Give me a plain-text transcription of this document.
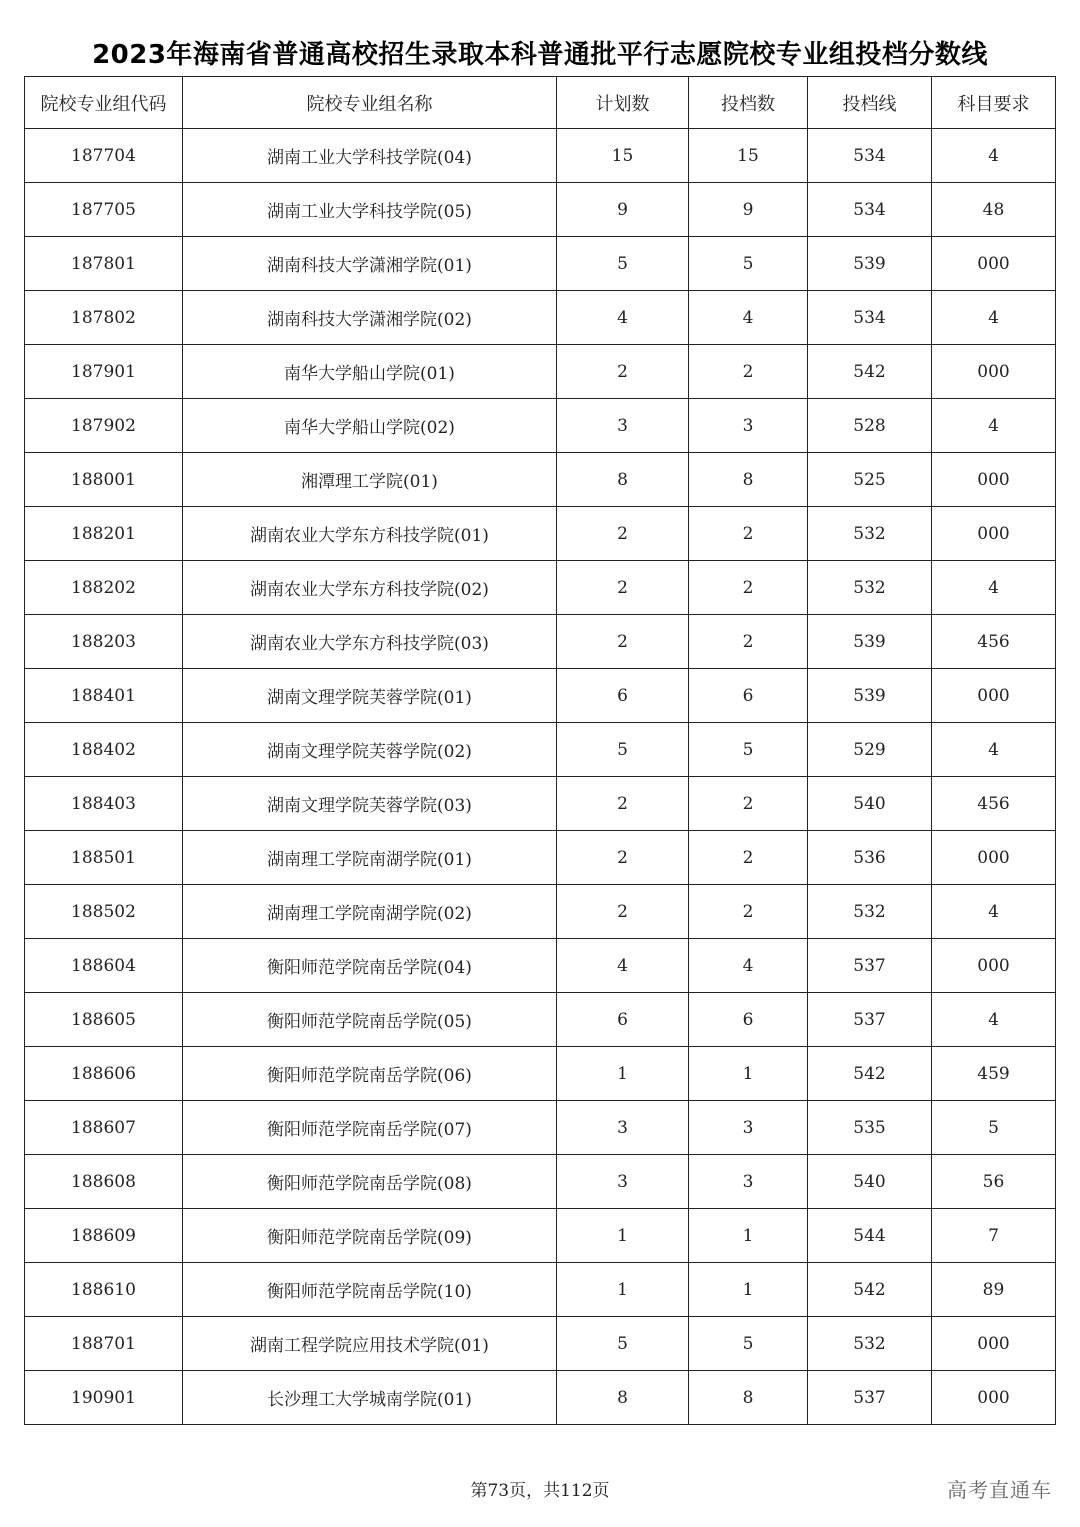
2023年海南省普通高校招生录取本科普通批平行志愿院校专业组投档分数线
院校专业组代码	院校专业组名称	计划数	投档数	投档线	科目要求
187704	湖南工业大学科技学院(04)	15	15	534	4
187705	湖南工业大学科技学院(05)	9	9	534	48
187801	湖南科技大学潇湘学院(01)	5	5	539	000
187802	湖南科技大学潇湘学院(02)	4	4	534	4
187901	南华大学船山学院(01)	2	2	542	000
187902	南华大学船山学院(02)	3	3	528	4
188001	湘潭理工学院(01)	8	8	525	000
188201	湖南农业大学东方科技学院(01)	2	2	532	000
188202	湖南农业大学东方科技学院(02)	2	2	532	4
188203	湖南农业大学东方科技学院(03)	2	2	539	456
188401	湖南文理学院芙蓉学院(01)	6	6	539	000
188402	湖南文理学院芙蓉学院(02)	5	5	529	4
188403	湖南文理学院芙蓉学院(03)	2	2	540	456
188501	湖南理工学院南湖学院(01)	2	2	536	000
188502	湖南理工学院南湖学院(02)	2	2	532	4
188604	衡阳师范学院南岳学院(04)	4	4	537	000
188605	衡阳师范学院南岳学院(05)	6	6	537	4
188606	衡阳师范学院南岳学院(06)	1	1	542	459
188607	衡阳师范学院南岳学院(07)	3	3	535	5
188608	衡阳师范学院南岳学院(08)	3	3	540	56
188609	衡阳师范学院南岳学院(09)	1	1	544	7
188610	衡阳师范学院南岳学院(10)	1	1	542	89
188701	湖南工程学院应用技术学院(01)	5	5	532	000
190901	长沙理工大学城南学院(01)	8	8	537	000
第73页，共112页	高考直通车
